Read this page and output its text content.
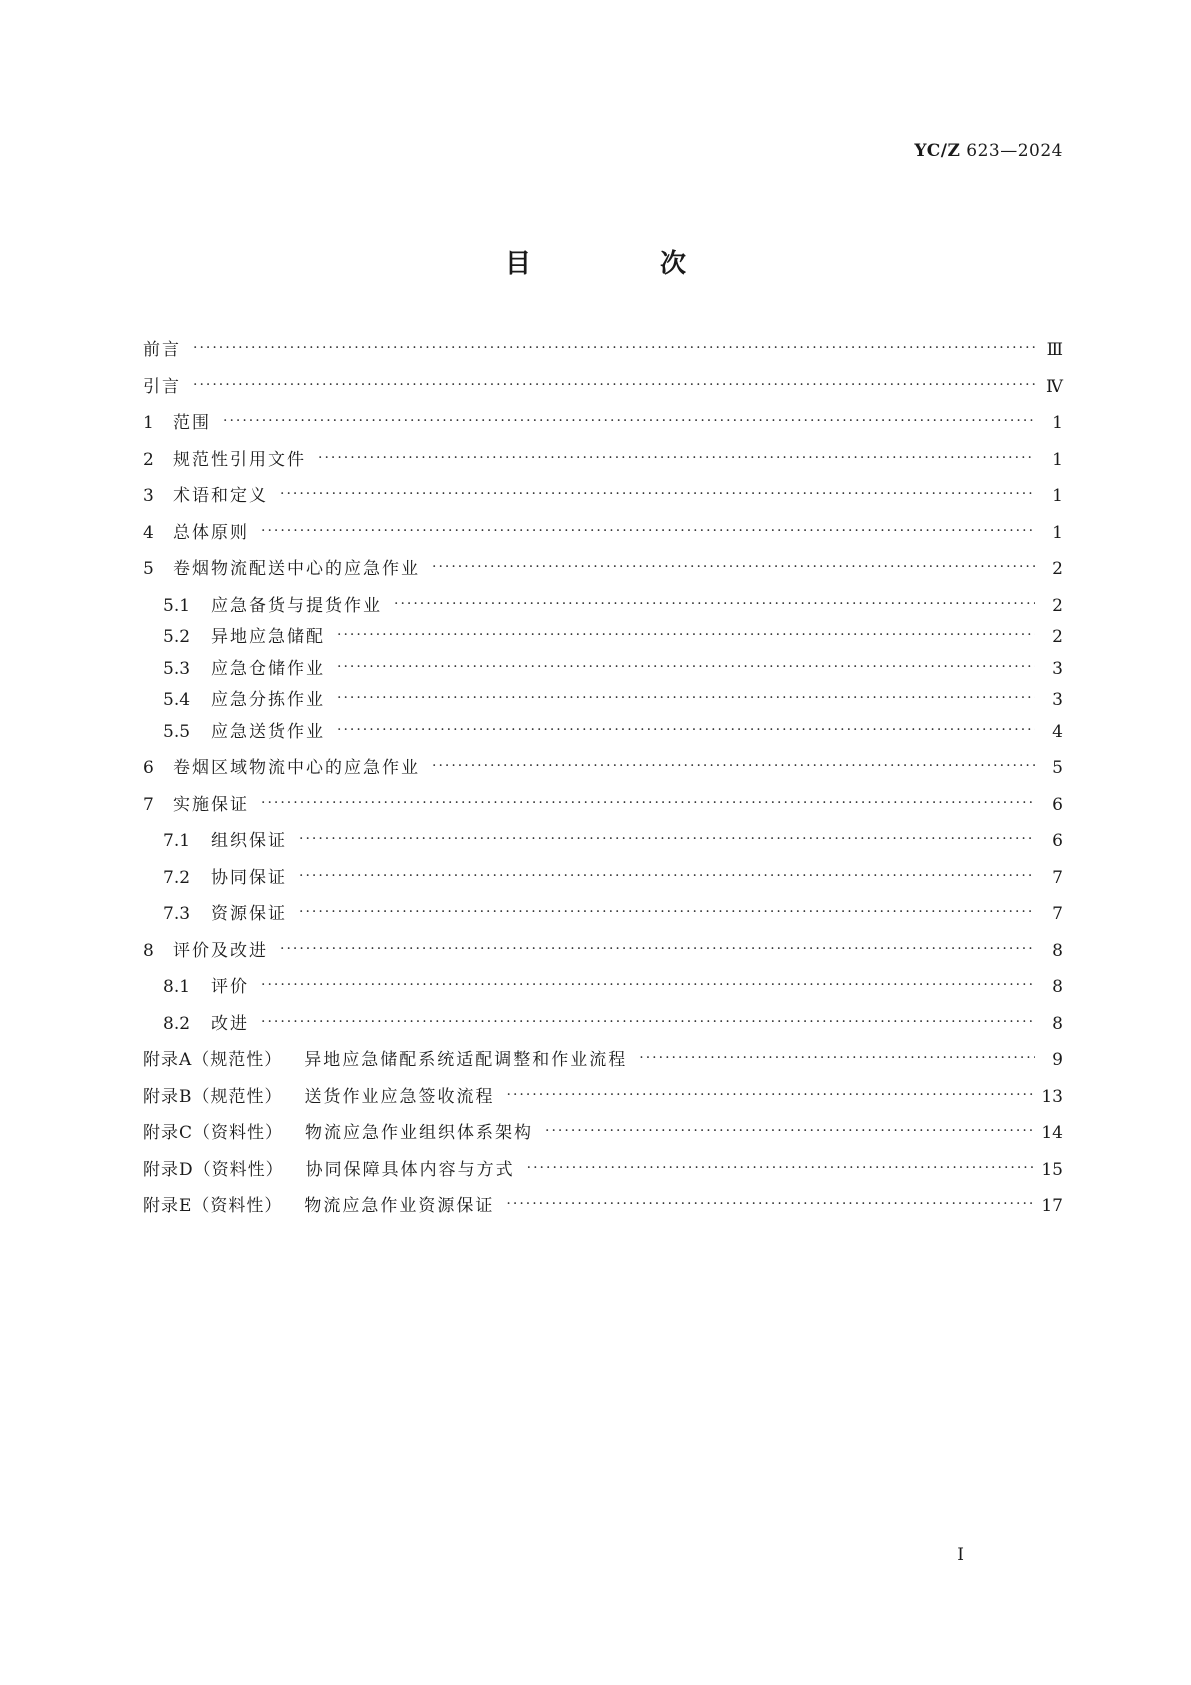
YC/Z 623—2024
目 次
前言 ·····	Ⅲ
引言 ·····	Ⅳ
1	范围 ·····	1
2	规范性引用文件 ·····	1
3	术语和定义 ·····	1
4	总体原则 ·····	1
5	卷烟物流配送中心的应急作业 ·····	2
5.1	应急备货与提货作业 ·····	2
5.2	异地应急储配 ·····	2
5.3	应急仓储作业 ·····	3
5.4	应急分拣作业 ·····	3
5.5	应急送货作业 ·····	4
6	卷烟区域物流中心的应急作业 ·····	5
7	实施保证 ·····	6
7.1	组织保证 ·····	6
7.2	协同保证 ·····	7
7.3	资源保证 ·····	7
8	评价及改进 ·····	8
8.1	评价 ·····	8
8.2	改进 ·····	8
附录A（规范性） 异地应急储配系统适配调整和作业流程 ·····	9
附录B（规范性） 送货作业应急签收流程 ·····	13
附录C（资料性） 物流应急作业组织体系架构 ·····	14
附录D（资料性） 协同保障具体内容与方式 ·····	15
附录E（资料性） 物流应急作业资源保证 ·····	17
Ⅰ
